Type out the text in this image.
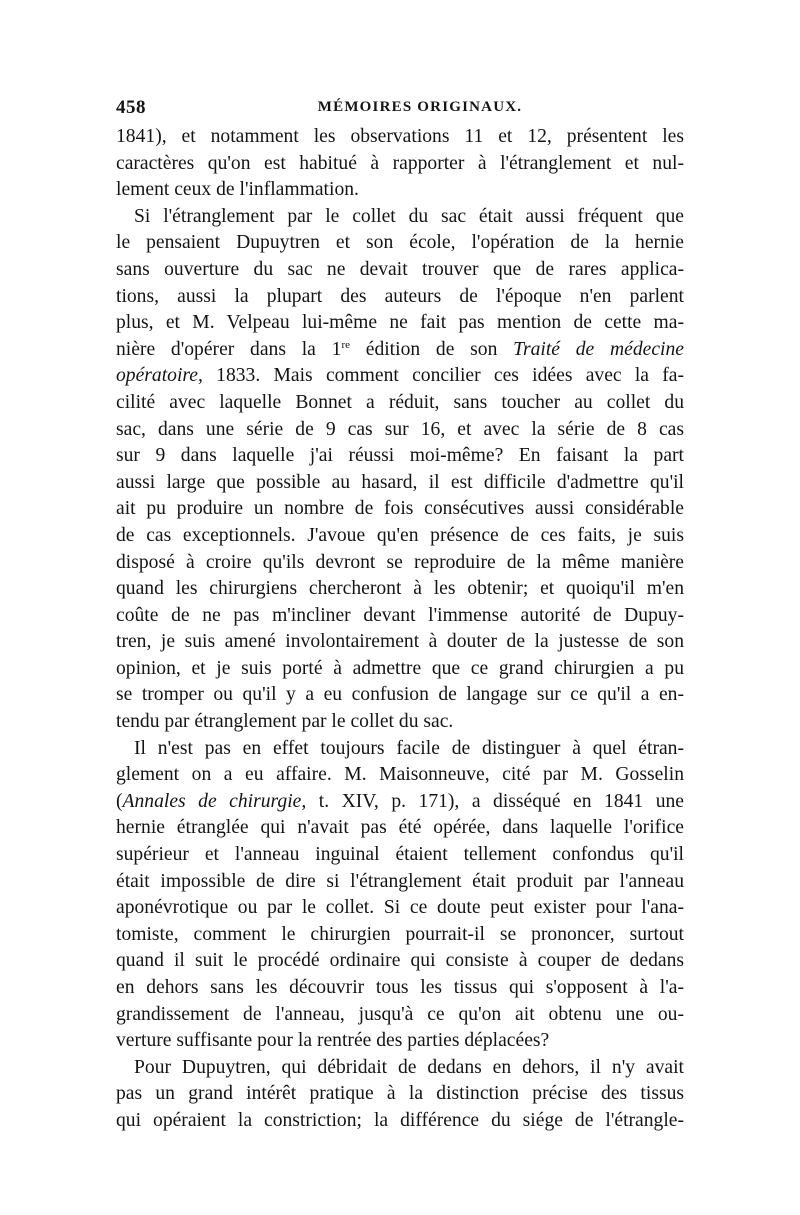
458	MÉMOIRES ORIGINAUX.
1841), et notamment les observations 11 et 12, présentent les
caractères qu'on est habitué à rapporter à l'étranglement et nul-
lement ceux de l'inflammation.
Si l'étranglement par le collet du sac était aussi fréquent que
le pensaient Dupuytren et son école, l'opération de la hernie
sans ouverture du sac ne devait trouver que de rares applica-
tions, aussi la plupart des auteurs de l'époque n'en parlent
plus, et M. Velpeau lui-même ne fait pas mention de cette ma-
nière d'opérer dans la 1re édition de son Traité de médecine
opératoire, 1833. Mais comment concilier ces idées avec la fa-
cilité avec laquelle Bonnet a réduit, sans toucher au collet du
sac, dans une série de 9 cas sur 16, et avec la série de 8 cas
sur 9 dans laquelle j'ai réussi moi-même? En faisant la part
aussi large que possible au hasard, il est difficile d'admettre qu'il
ait pu produire un nombre de fois consécutives aussi considérable
de cas exceptionnels. J'avoue qu'en présence de ces faits, je suis
disposé à croire qu'ils devront se reproduire de la même manière
quand les chirurgiens chercheront à les obtenir; et quoiqu'il m'en
coûte de ne pas m'incliner devant l'immense autorité de Dupuy-
tren, je suis amené involontairement à douter de la justesse de son
opinion, et je suis porté à admettre que ce grand chirurgien a pu
se tromper ou qu'il y a eu confusion de langage sur ce qu'il a en-
tendu par étranglement par le collet du sac.
Il n'est pas en effet toujours facile de distinguer à quel étran-
glement on a eu affaire. M. Maisonneuve, cité par M. Gosselin
(Annales de chirurgie, t. XIV, p. 171), a disséqué en 1841 une
hernie étranglée qui n'avait pas été opérée, dans laquelle l'orifice
supérieur et l'anneau inguinal étaient tellement confondus qu'il
était impossible de dire si l'étranglement était produit par l'anneau
aponévrotique ou par le collet. Si ce doute peut exister pour l'ana-
tomiste, comment le chirurgien pourrait-il se prononcer, surtout
quand il suit le procédé ordinaire qui consiste à couper de dedans
en dehors sans les découvrir tous les tissus qui s'opposent à l'a-
grandissement de l'anneau, jusqu'à ce qu'on ait obtenu une ou-
verture suffisante pour la rentrée des parties déplacées?
Pour Dupuytren, qui débridait de dedans en dehors, il n'y avait
pas un grand intérêt pratique à la distinction précise des tissus
qui opéraient la constriction; la différence du siége de l'étrangle-
